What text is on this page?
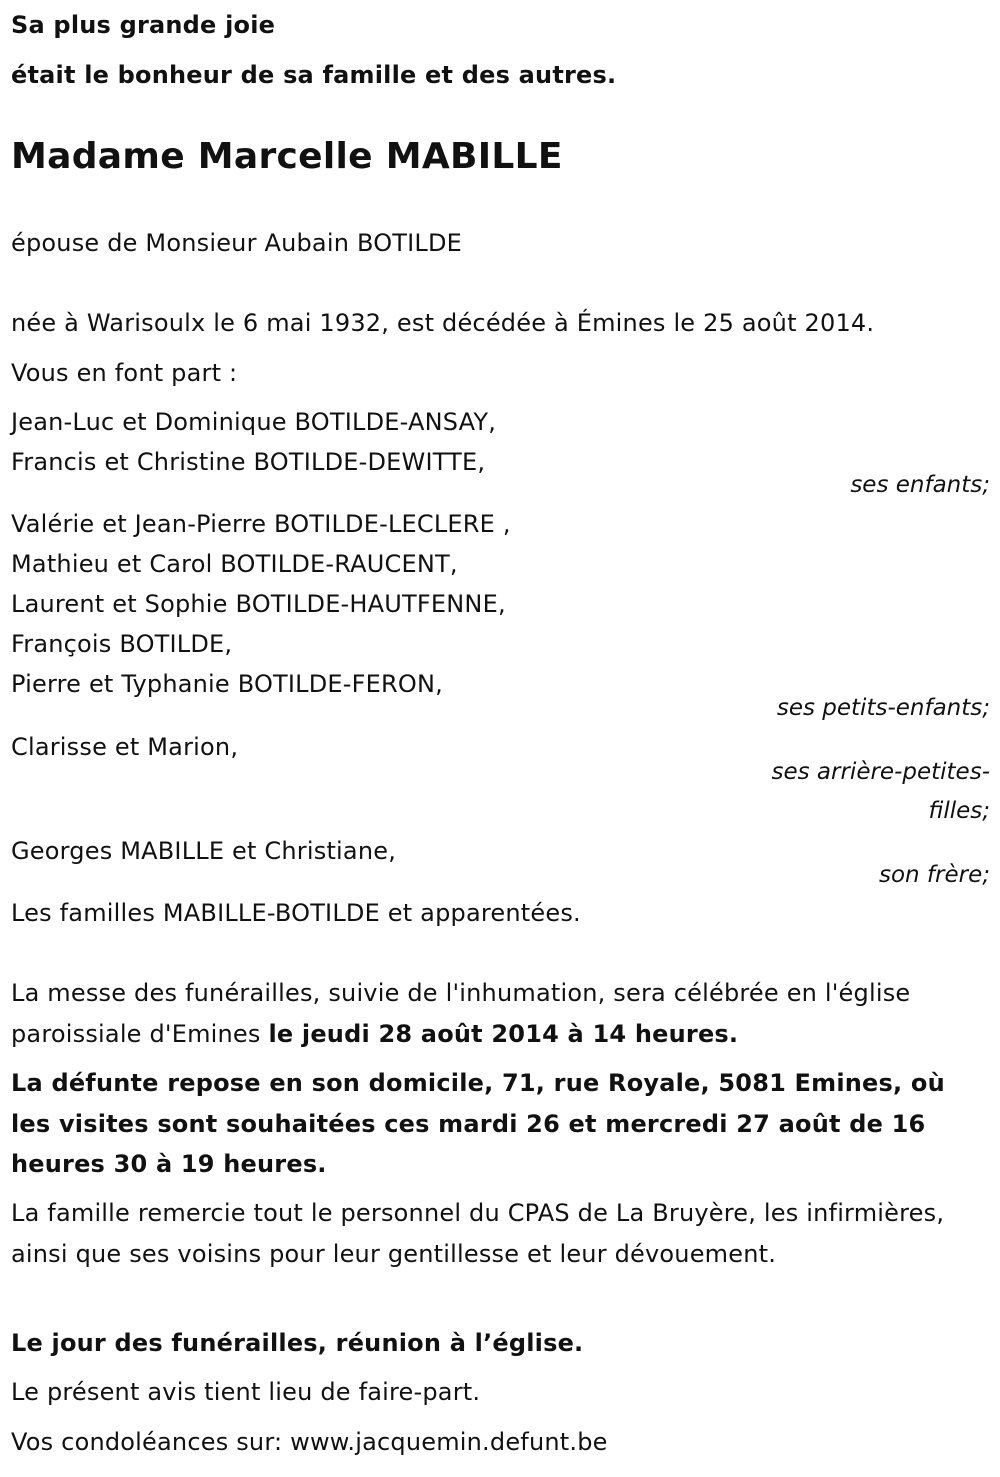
Sa plus grande joie
était le bonheur de sa famille et des autres.
Madame Marcelle MABILLE
épouse de Monsieur Aubain BOTILDE
née à Warisoulx le 6 mai 1932, est décédée à Émines le 25 août 2014.
Vous en font part :
Jean-Luc et Dominique BOTILDE-ANSAY,
Francis et Christine BOTILDE-DEWITTE,
ses enfants;
Valérie et Jean-Pierre BOTILDE-LECLERE ,
Mathieu et Carol BOTILDE-RAUCENT,
Laurent et Sophie BOTILDE-HAUTFENNE,
François BOTILDE,
Pierre et Typhanie BOTILDE-FERON,
ses petits-enfants;
Clarisse et Marion,
ses arrière-petites-
filles;
Georges MABILLE et Christiane,
son frère;
Les familles MABILLE-BOTILDE et apparentées.
La messe des funérailles, suivie de l'inhumation, sera célébrée en l'église paroissiale d'Emines le jeudi 28 août 2014 à 14 heures.
La défunte repose en son domicile, 71, rue Royale, 5081 Emines, où les visites sont souhaitées ces mardi 26 et mercredi 27 août de 16 heures 30 à 19 heures.
La famille remercie tout le personnel du CPAS de La Bruyère, les infirmières, ainsi que ses voisins pour leur gentillesse et leur dévouement.
Le jour des funérailles, réunion à l’église.
Le présent avis tient lieu de faire-part.
Vos condoléances sur: www.jacquemin.defunt.be
